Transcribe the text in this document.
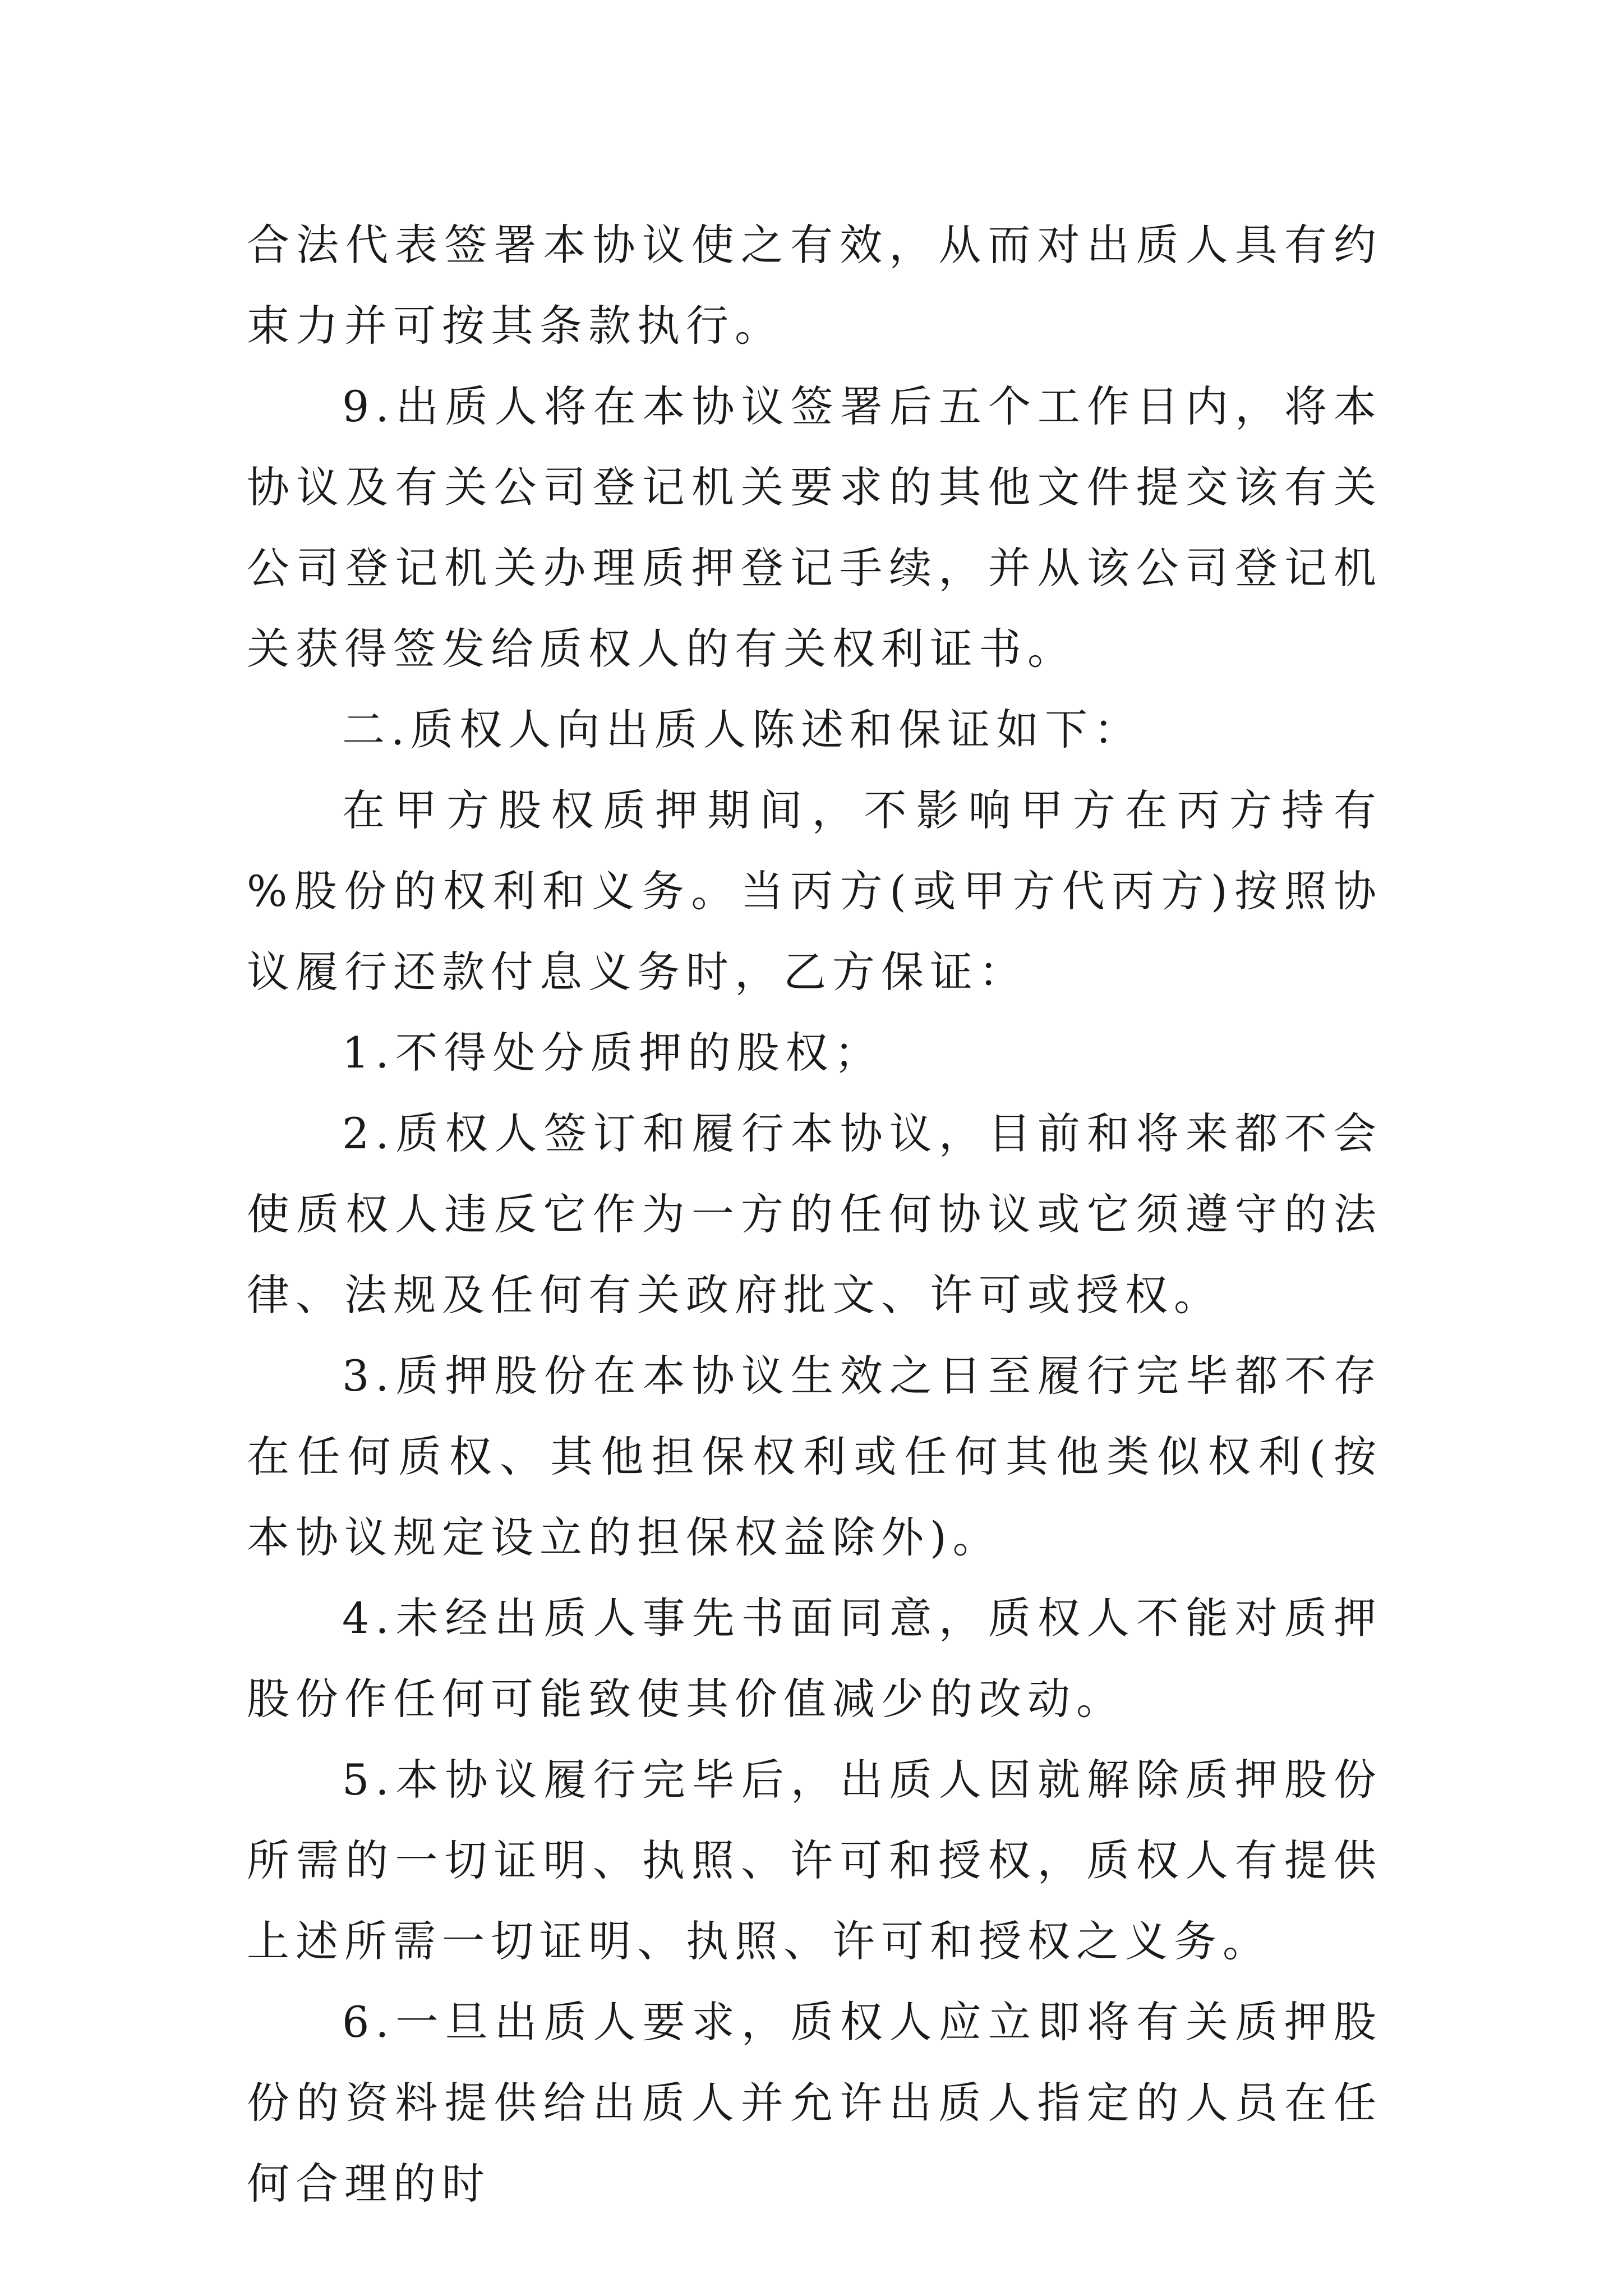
合法代表签署本协议使之有效，从而对出质人具有约束力并可按其条款执行。

9.出质人将在本协议签署后五个工作日内，将本协议及有关公司登记机关要求的其他文件提交该有关公司登记机关办理质押登记手续，并从该公司登记机关获得签发给质权人的有关权利证书。

二.质权人向出质人陈述和保证如下：

在甲方股权质押期间，不影响甲方在丙方持有 %股份的权利和义务。当丙方(或甲方代丙方)按照协议履行还款付息义务时，乙方保证：

1.不得处分质押的股权；

2.质权人签订和履行本协议，目前和将来都不会使质权人违反它作为一方的任何协议或它须遵守的法律、法规及任何有关政府批文、许可或授权。

3.质押股份在本协议生效之日至履行完毕都不存在任何质权、其他担保权利或任何其他类似权利(按本协议规定设立的担保权益除外)。

4.未经出质人事先书面同意，质权人不能对质押股份作任何可能致使其价值减少的改动。

5.本协议履行完毕后，出质人因就解除质押股份所需的一切证明、执照、许可和授权，质权人有提供上述所需一切证明、执照、许可和授权之义务。

6.一旦出质人要求，质权人应立即将有关质押股份的资料提供给出质人并允许出质人指定的人员在任何合理的时
